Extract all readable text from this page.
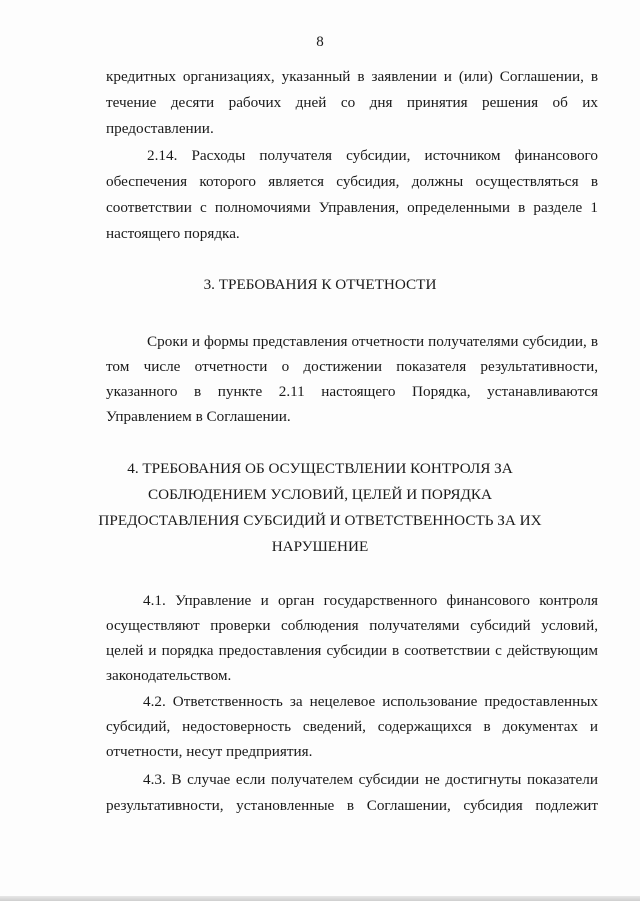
8
кредитных организациях, указанный в заявлении и (или) Соглашении, в
течение десяти рабочих дней со дня принятия решения об их
предоставлении.
2.14. Расходы получателя субсидии, источником финансового
обеспечения которого является субсидия, должны осуществляться в
соответствии с полномочиями Управления, определенными в разделе 1
настоящего порядка.
3. ТРЕБОВАНИЯ К ОТЧЕТНОСТИ
Сроки и формы представления отчетности получателями субсидии, в
том числе отчетности о достижении показателя результативности,
указанного в пункте 2.11 настоящего Порядка, устанавливаются
Управлением в Соглашении.
4. ТРЕБОВАНИЯ ОБ ОСУЩЕСТВЛЕНИИ КОНТРОЛЯ ЗА
СОБЛЮДЕНИЕМ УСЛОВИЙ, ЦЕЛЕЙ И ПОРЯДКА
ПРЕДОСТАВЛЕНИЯ СУБСИДИЙ И ОТВЕТСТВЕННОСТЬ ЗА ИХ
НАРУШЕНИЕ
4.1. Управление и орган государственного финансового контроля
осуществляют проверки соблюдения получателями субсидий условий,
целей и порядка предоставления субсидии в соответствии с действующим
законодательством.
4.2. Ответственность за нецелевое использование предоставленных
субсидий, недостоверность сведений, содержащихся в документах и
отчетности, несут предприятия.
4.3. В случае если получателем субсидии не достигнуты показатели
результативности, установленные в Соглашении, субсидия подлежит
